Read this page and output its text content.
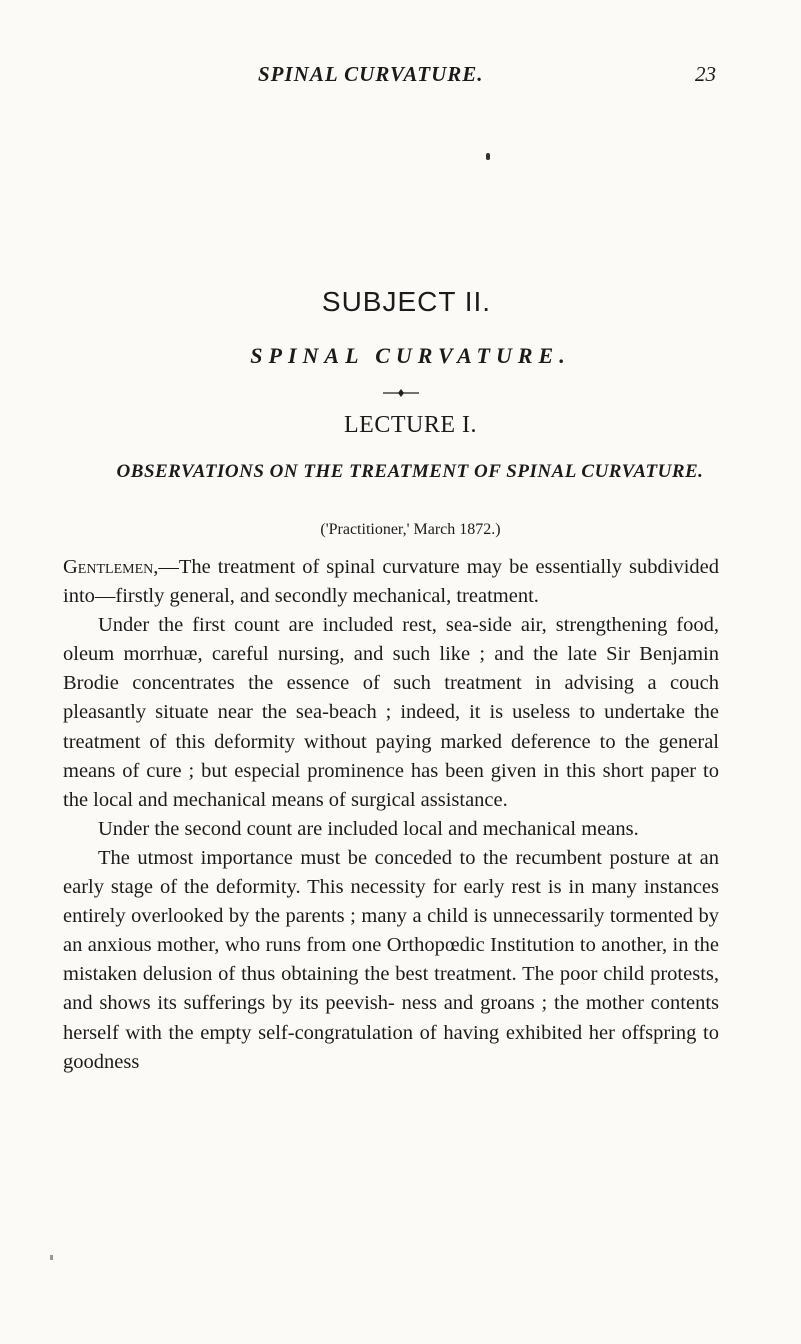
SPINAL CURVATURE.	23
SUBJECT II.
SPINAL CURVATURE.
LECTURE I.
OBSERVATIONS ON THE TREATMENT OF SPINAL CURVATURE.
('Practitioner,' March 1872.)

Gentlemen,—The treatment of spinal curvature may be essentially subdivided into—firstly general, and secondly mechanical, treatment.

Under the first count are included rest, sea-side air, strengthening food, oleum morrhuæ, careful nursing, and such like ; and the late Sir Benjamin Brodie concentrates the essence of such treatment in advising a couch pleasantly situate near the sea-beach ; indeed, it is useless to undertake the treatment of this deformity without paying marked deference to the general means of cure ; but especial prominence has been given in this short paper to the local and mechanical means of surgical assistance.

Under the second count are included local and mechanical means.

The utmost importance must be conceded to the recumbent posture at an early stage of the deformity. This necessity for early rest is in many instances entirely overlooked by the parents ; many a child is unnecessarily tormented by an anxious mother, who runs from one Orthopœdic Institution to another, in the mistaken delusion of thus obtaining the best treatment. The poor child protests, and shows its sufferings by its peevish- ness and groans ; the mother contents herself with the empty self-congratulation of having exhibited her offspring to goodness
